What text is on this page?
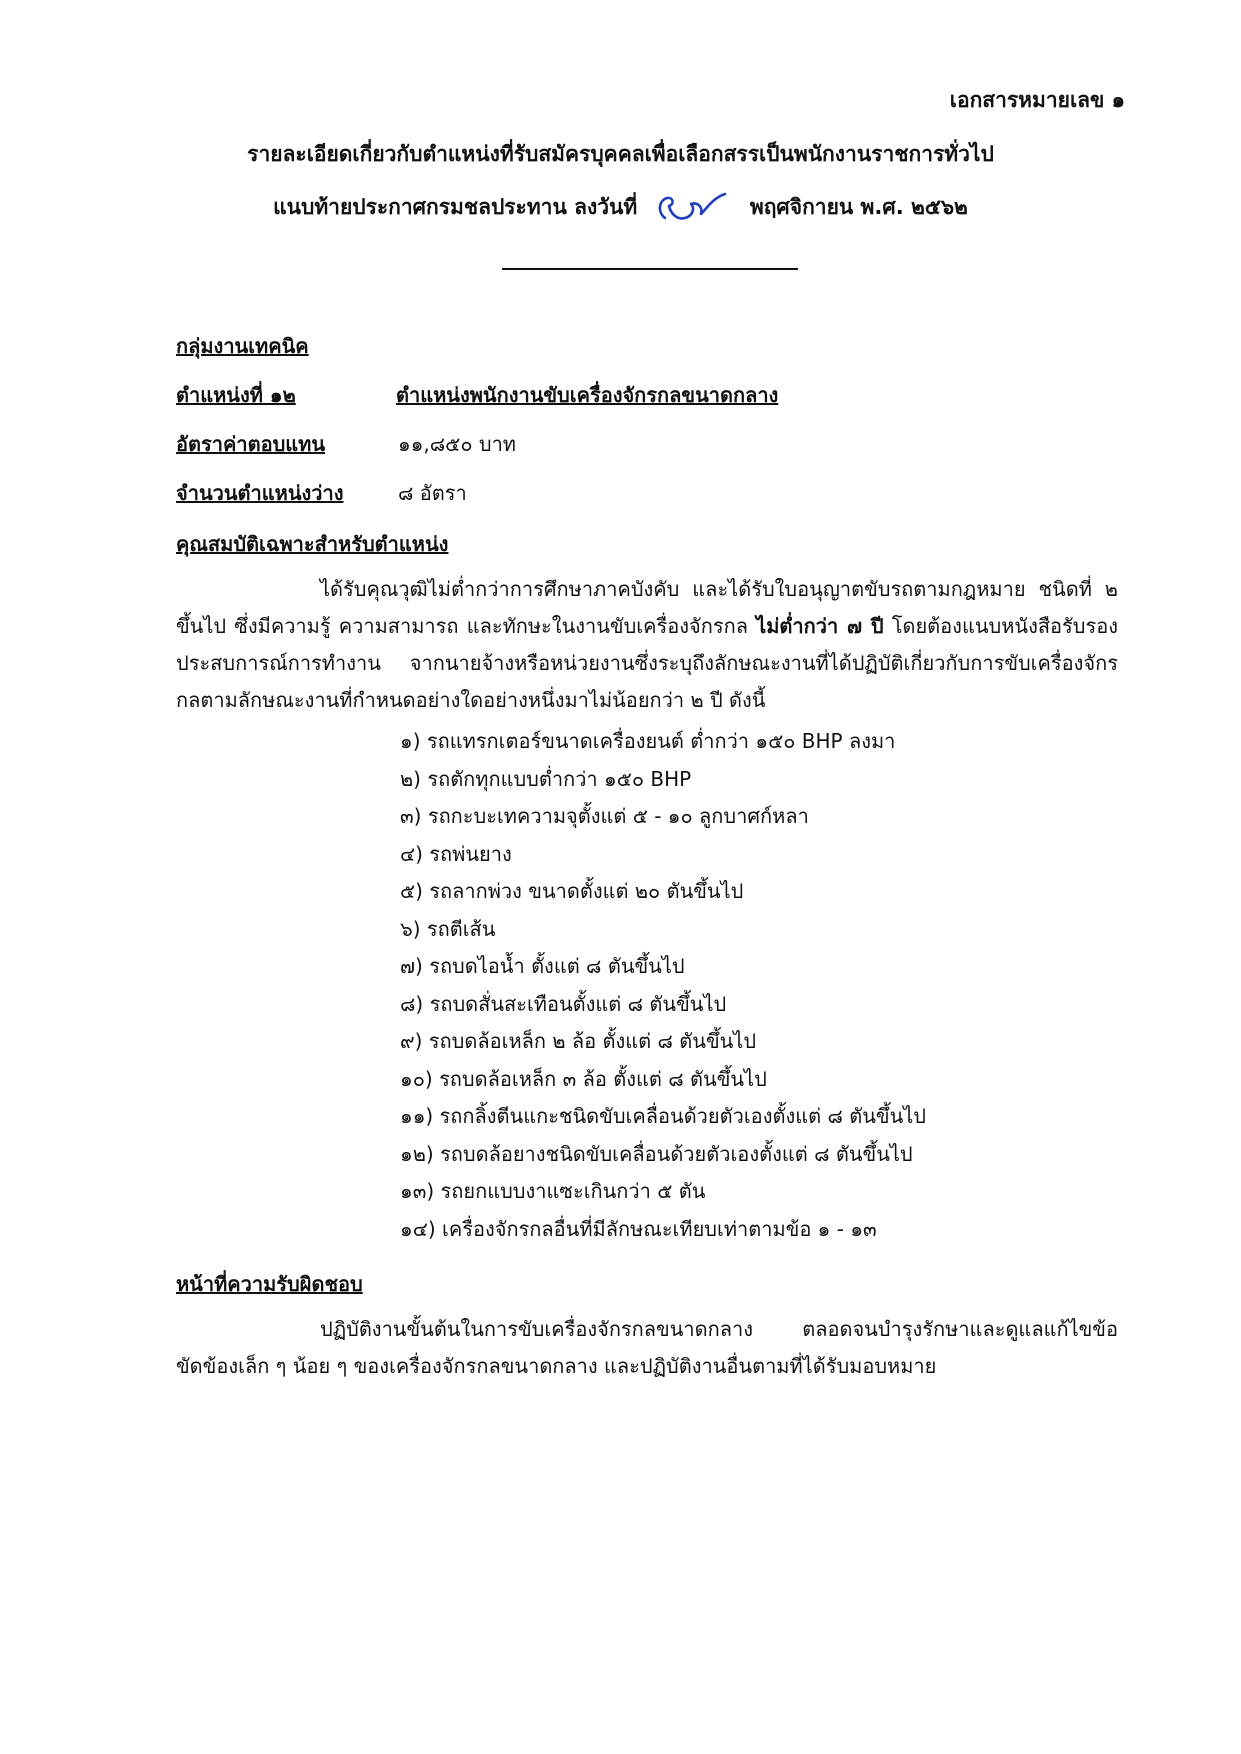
เอกสารหมายเลข ๑
รายละเอียดเกี่ยวกับตำแหน่งที่รับสมัครบุคคลเพื่อเลือกสรรเป็นพนักงานราชการทั่วไป
แนบท้ายประกาศกรมชลประทาน ลงวันที่	พฤศจิกายน พ.ศ. ๒๕๖๒
กลุ่มงานเทคนิค
ตำแหน่งที่ ๑๒	ตำแหน่งพนักงานขับเครื่องจักรกลขนาดกลาง
อัตราค่าตอบแทน	๑๑,๘๕๐ บาท
จำนวนตำแหน่งว่าง	๘ อัตรา
คุณสมบัติเฉพาะสำหรับตำแหน่ง
ได้รับคุณวุฒิไม่ต่ำกว่าการศึกษาภาคบังคับ และได้รับใบอนุญาตขับรถตามกฎหมาย ชนิดที่ ๒ ขึ้นไป ซึ่งมีความรู้ ความสามารถ และทักษะในงานขับเครื่องจักรกล ไม่ต่ำกว่า ๗ ปี โดยต้องแนบหนังสือรับรองประสบการณ์การทำงาน จากนายจ้างหรือหน่วยงานซึ่งระบุถึงลักษณะงานที่ได้ปฏิบัติเกี่ยวกับการขับเครื่องจักรกลตามลักษณะงานที่กำหนดอย่างใดอย่างหนึ่งมาไม่น้อยกว่า ๒ ปี ดังนี้
๑) รถแทรกเตอร์ขนาดเครื่องยนต์ ต่ำกว่า ๑๕๐ BHP ลงมา
๒) รถตักทุกแบบต่ำกว่า ๑๕๐ BHP
๓) รถกะบะเทความจุตั้งแต่ ๕ - ๑๐ ลูกบาศก์หลา
๔) รถพ่นยาง
๕) รถลากพ่วง ขนาดตั้งแต่ ๒๐ ตันขึ้นไป
๖) รถตีเส้น
๗) รถบดไอน้ำ ตั้งแต่ ๘ ตันขึ้นไป
๘) รถบดสั่นสะเทือนตั้งแต่ ๘ ตันขึ้นไป
๙) รถบดล้อเหล็ก ๒ ล้อ ตั้งแต่ ๘ ตันขึ้นไป
๑๐) รถบดล้อเหล็ก ๓ ล้อ ตั้งแต่ ๘ ตันขึ้นไป
๑๑) รถกลิ้งตีนแกะชนิดขับเคลื่อนด้วยตัวเองตั้งแต่ ๘ ตันขึ้นไป
๑๒) รถบดล้อยางชนิดขับเคลื่อนด้วยตัวเองตั้งแต่ ๘ ตันขึ้นไป
๑๓) รถยกแบบงาแซะเกินกว่า ๕ ตัน
๑๔) เครื่องจักรกลอื่นที่มีลักษณะเทียบเท่าตามข้อ ๑ - ๑๓
หน้าที่ความรับผิดชอบ
ปฏิบัติงานขั้นต้นในการขับเครื่องจักรกลขนาดกลาง ตลอดจนบำรุงรักษาและดูแลแก้ไขข้อขัดข้องเล็ก ๆ น้อย ๆ ของเครื่องจักรกลขนาดกลาง และปฏิบัติงานอื่นตามที่ได้รับมอบหมาย
